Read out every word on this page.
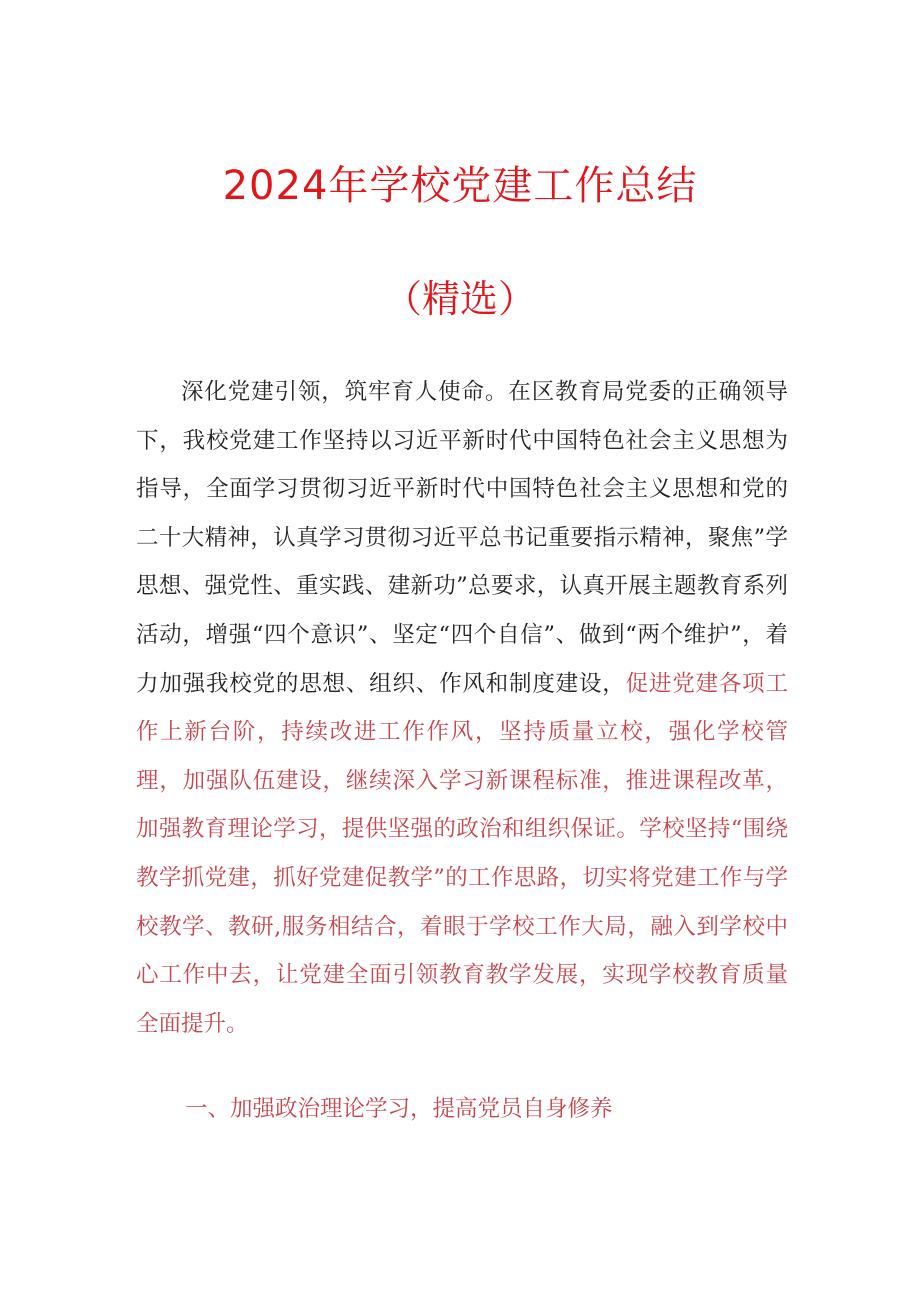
2024年学校党建工作总结
（精选）

深化党建引领，筑牢育人使命。在区教育局党委的正确领导下，我校党建工作坚持以习近平新时代中国特色社会主义思想为指导，全面学习贯彻习近平新时代中国特色社会主义思想和党的二十大精神，认真学习贯彻习近平总书记重要指示精神，聚焦”学思想、强党性、重实践、建新功”总要求，认真开展主题教育系列活动，增强“四个意识”、坚定“四个自信”、做到“两个维护”，着力加强我校党的思想、组织、作风和制度建设，促进党建各项工作上新台阶，持续改进工作作风，坚持质量立校，强化学校管理，加强队伍建设，继续深入学习新课程标准，推进课程改革，加强教育理论学习，提供坚强的政治和组织保证。学校坚持“围绕教学抓党建，抓好党建促教学”的工作思路，切实将党建工作与学校教学、教研,服务相结合，着眼于学校工作大局，融入到学校中心工作中去，让党建全面引领教育教学发展，实现学校教育质量全面提升。

一、加强政治理论学习，提高党员自身修养
